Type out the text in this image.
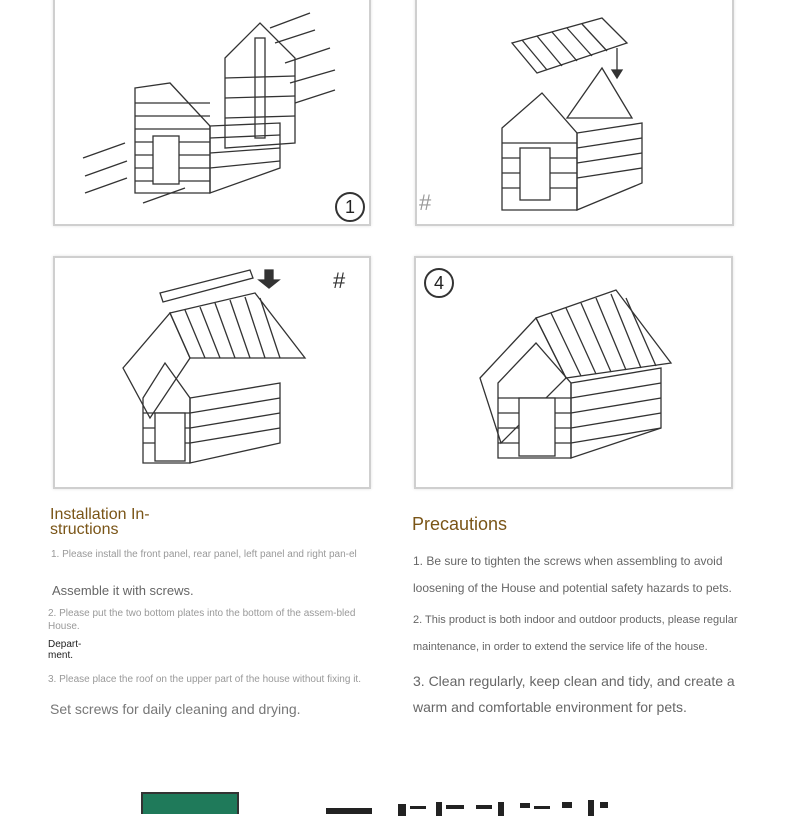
1	#
#	4
Installation In-
structions
1. Please install the front panel, rear panel, left panel and right pan-el
Assemble it with screws.
2. Please put the two bottom plates into the bottom of the assem-bled House.
Depart-
ment.
3. Please place the roof on the upper part of the house without fixing it.
Set screws for daily cleaning and drying.
Precautions
1. Be sure to tighten the screws when assembling to avoid loosening of the House and potential safety hazards to pets.
2. This product is both indoor and outdoor products, please regular maintenance, in order to extend the service life of the house.
3. Clean regularly, keep clean and tidy, and create a warm and comfortable environment for pets.
